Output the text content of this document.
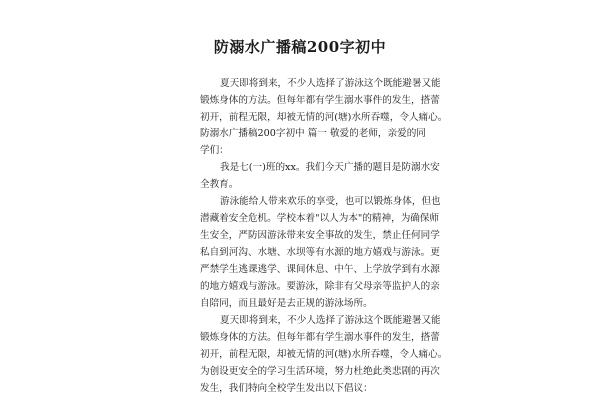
防溺水广播稿200字初中
夏天即将到来，不少人选择了游泳这个既能避暑又能
锻炼身体的方法。但每年都有学生溺水事件的发生，搭蕾
初开，前程无限，却被无情的河(塘)水所吞噬，令人痛心。
防溺水广播稿200字初中 篇一 敬爱的老师，亲爱的同
学们：
我是七(一)班的xx。我们今天广播的题目是防溺水安
全教育。
游泳能给人带来欢乐的享受，也可以锻炼身体，但也
潜藏着安全危机。学校本着"以人为本"的精神，为确保师
生安全，严防因游泳带来安全事故的发生，禁止任何同学
私自到河沟、水塘、水坝等有水源的地方嬉戏与游泳。更
严禁学生逃课逃学、课间休息、中午、上学放学到有水源
的地方嬉戏与游泳。要游泳，除非有父母亲等监护人的亲
自陪同，而且最好是去正规的游泳场所。
夏天即将到来，不少人选择了游泳这个既能避暑又能
锻炼身体的方法。但每年都有学生溺水事件的发生，搭蕾
初开，前程无限，却被无情的河(塘)水所吞噬，令人痛心。
为创设更安全的学习生活环境，努力杜绝此类悲剧的再次
发生，我们特向全校学生发出以下倡议：
